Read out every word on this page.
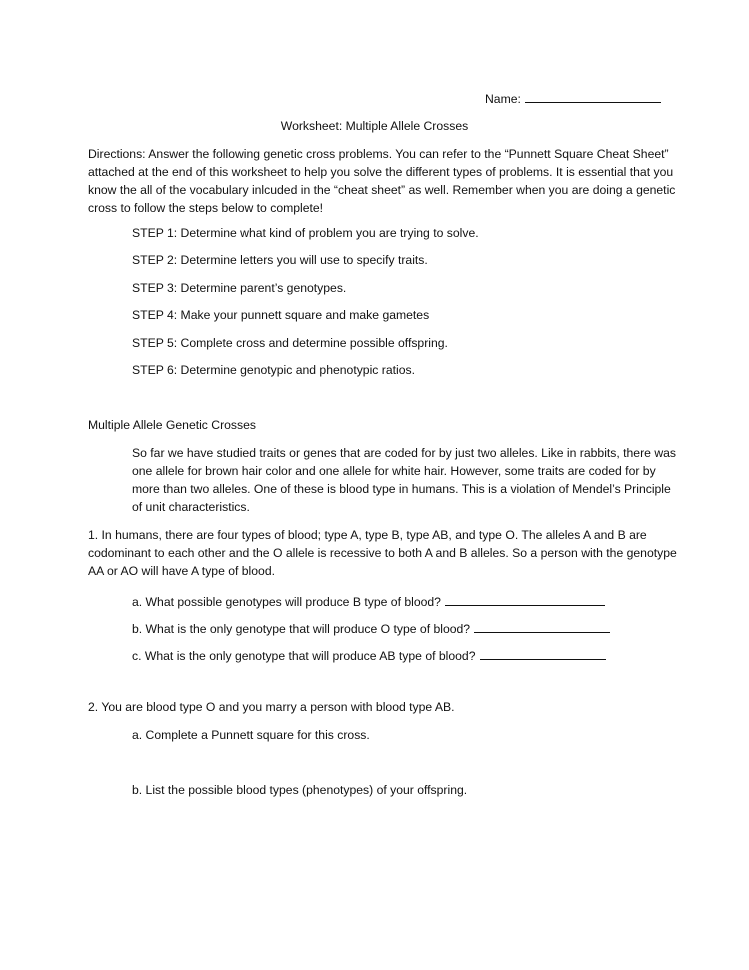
Name:
Worksheet: Multiple Allele Crosses
Directions: Answer the following genetic cross problems. You can refer to the “Punnett Square Cheat Sheet” attached at the end of this worksheet to help you solve the different types of problems. It is essential that you know the all of the vocabulary inlcuded in the “cheat sheet” as well. Remember when you are doing a genetic cross to follow the steps below to complete!
STEP 1: Determine what kind of problem you are trying to solve.
STEP 2: Determine letters you will use to specify traits.
STEP 3: Determine parent’s genotypes.
STEP 4: Make your punnett square and make gametes
STEP 5: Complete cross and determine possible offspring.
STEP 6: Determine genotypic and phenotypic ratios.
Multiple Allele Genetic Crosses
So far we have studied traits or genes that are coded for by just two alleles. Like in rabbits, there was one allele for brown hair color and one allele for white hair. However, some traits are coded for by more than two alleles. One of these is blood type in humans. This is a violation of Mendel’s Principle of unit characteristics.
1. In humans, there are four types of blood; type A, type B, type AB, and type O. The alleles A and B are codominant to each other and the O allele is recessive to both A and B alleles. So a person with the genotype AA or AO will have A type of blood.
a. What possible genotypes will produce B type of blood?
b. What is the only genotype that will produce O type of blood?
c. What is the only genotype that will produce AB type of blood?
2. You are blood type O and you marry a person with blood type AB.
a. Complete a Punnett square for this cross.
b. List the possible blood types (phenotypes) of your offspring.
